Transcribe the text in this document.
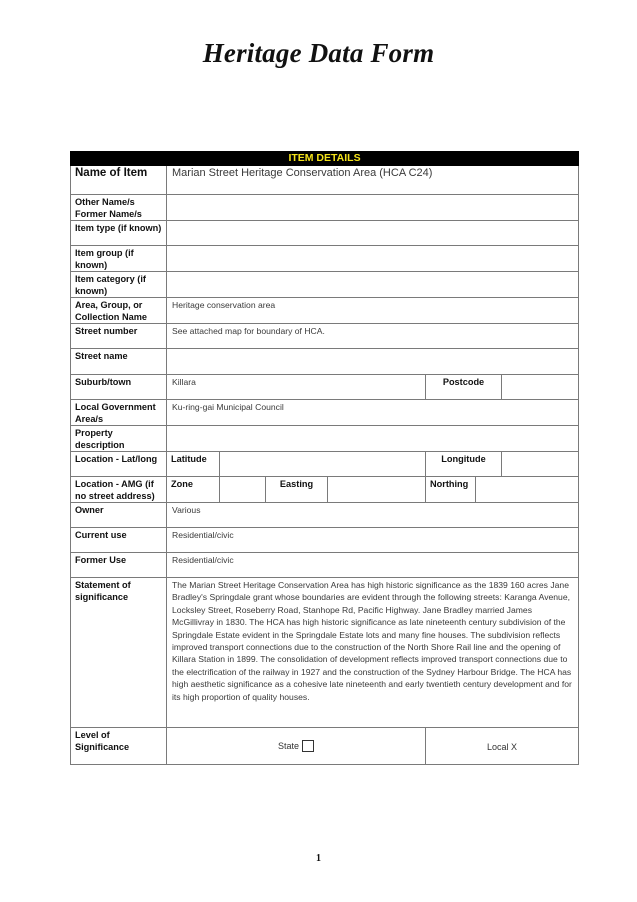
Heritage Data Form
ITEM DETAILS							
Name of Item	Marian Street Heritage Conservation Area (HCA C24)						
Other Name/s Former Name/s							
Item type (if known)							
Item group (if known)							
Item category (if known)							
Area, Group, or Collection Name	Heritage conservation area						
Street number	See attached map for boundary of HCA.						
Street name							
Suburb/town	Killara				Postcode		
Local Government Area/s	Ku-ring-gai Municipal Council						
Property description							
Location - Lat/long	Latitude				Longitude		
Location - AMG (if no street address)	Zone		Easting		Northing		
Owner	Various						
Current use	Residential/civic						
Former Use	Residential/civic						
Statement of significance	The Marian Street Heritage Conservation Area has high historic significance as the 1839 160 acres Jane Bradley's Springdale grant whose boundaries are evident through the following streets: Karanga Avenue, Locksley Street, Roseberry Road, Stanhope Rd, Pacific Highway. Jane Bradley married James McGillivray in 1830. The HCA has high historic significance as late nineteenth century subdivision of the Springdale Estate evident in the Springdale Estate lots and many fine houses. The subdivision reflects improved transport connections due to the construction of the North Shore Rail line and the opening of Killara Station in 1899. The consolidation of development reflects improved transport connections due to the electrification of the railway in 1927 and the construction of the Sydney Harbour Bridge. The HCA has high aesthetic significance as a cohesive late nineteenth and early twentieth century development and for its high proportion of quality houses.						
Level of Significance	State				Local X		
1
